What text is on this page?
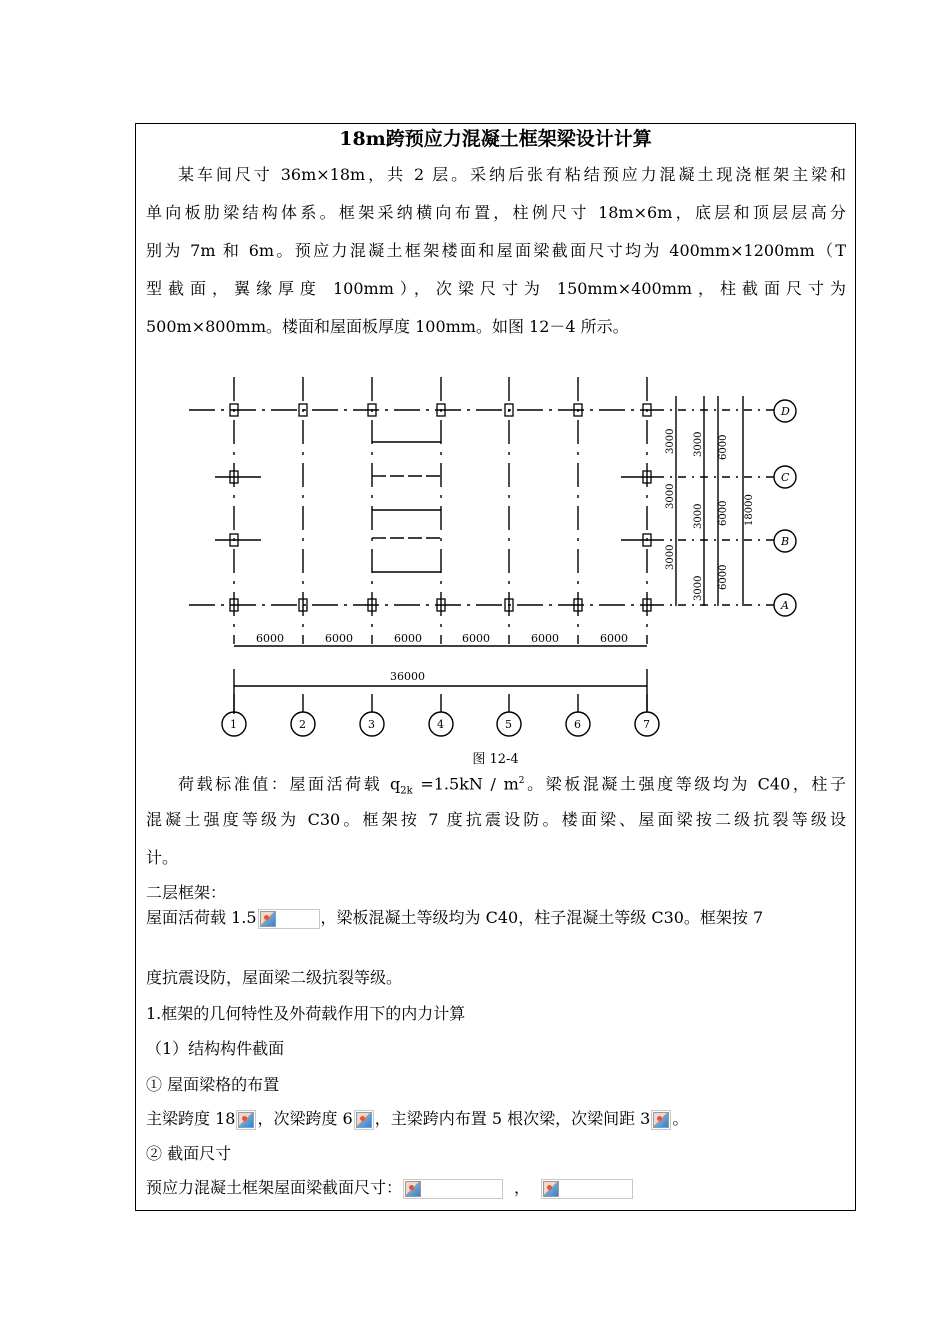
18m跨预应力混凝土框架梁设计计算
某车间尺寸 36m×18m，共 2 层。采纳后张有粘结预应力混凝土现浇框架主梁和
单向板肋梁结构体系。框架采纳横向布置，柱例尺寸 18m×6m，底层和顶层层高分
别为 7m 和 6m。预应力混凝土框架楼面和屋面梁截面尺寸均为 400mm×1200mm（T
型截面，翼缘厚度 100mm），次梁尺寸为 150mm×400mm，柱截面尺寸为
500m×800mm。楼面和屋面板厚度 100mm。如图 12－4 所示。
6000	6000	6000	6000	6000	6000
36000
1	2	3	4	5	6	7
D
C
B
A
3000 3000
3000
3000
3000
3000
6000
6000
6000
18000
图 12-4
荷载标准值：屋面活荷载 $q_{2k} =1.5kN / m^2$。梁板混凝土强度等级均为 C40，柱子
混凝土强度等级为 C30。框架按 7 度抗震设防。楼面梁、屋面梁按二级抗裂等级设
计。
二层框架：
屋面活荷载 1.5	，梁板混凝土等级均为 C40，柱子混凝土等级 C30。框架按 7
度抗震设防，屋面梁二级抗裂等级。
1.框架的几何特性及外荷载作用下的内力计算
（1）结构构件截面
① 屋面梁格的布置
主梁跨度 18 ，次梁跨度 6 ，主梁跨内布置 5 根次梁，次梁间距 3 。
② 截面尺寸
预应力混凝土框架屋面梁截面尺寸：	，
